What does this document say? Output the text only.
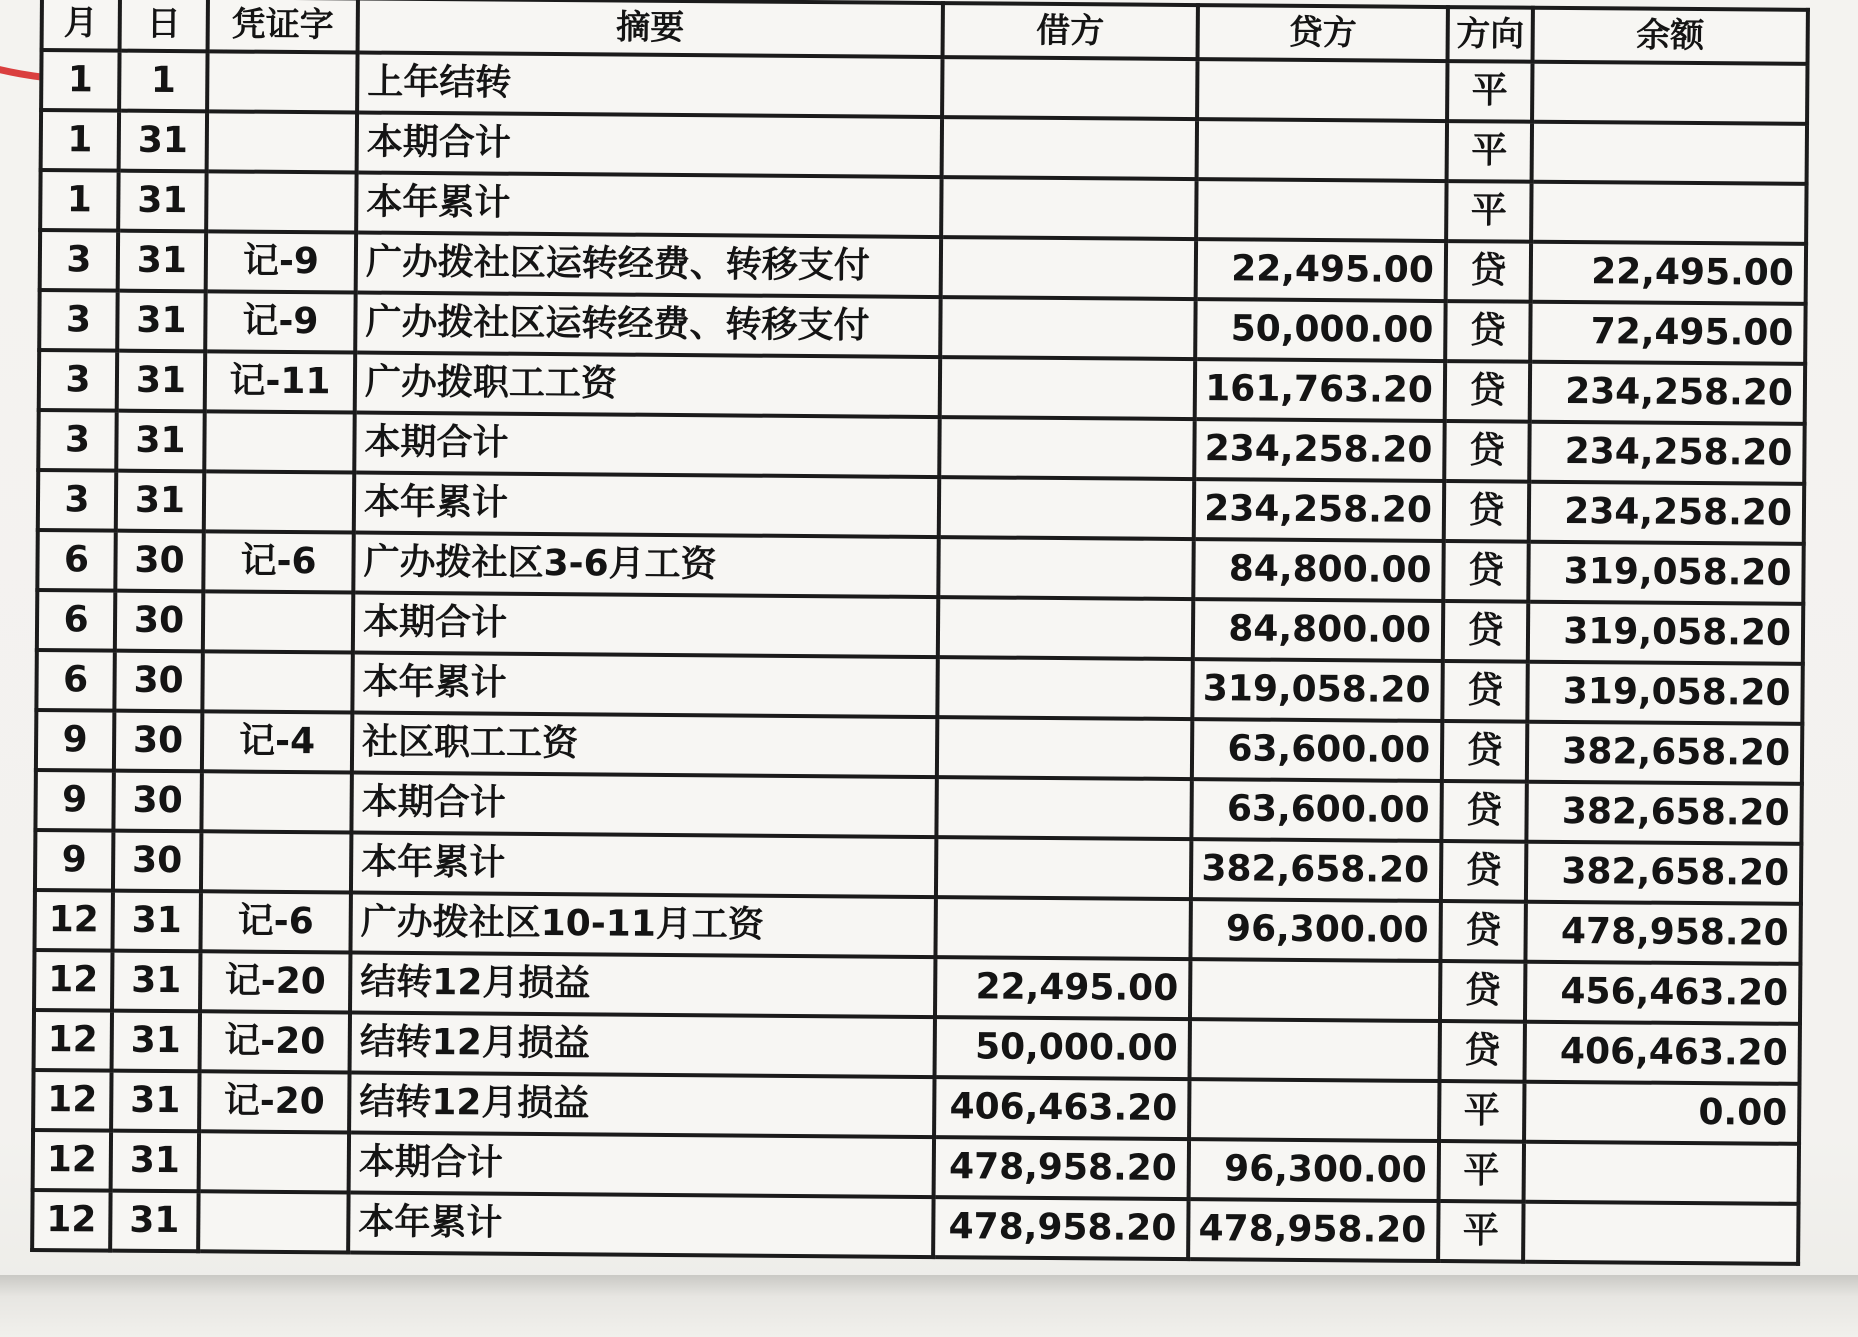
月	日	凭证字	摘要	借方	贷方	方向	余额
1	1		上年结转			平	
1	31		本期合计			平	
1	31		本年累计			平	
3	31	记-9	广办拨社区运转经费、转移支付		22,495.00	贷	22,495.00
3	31	记-9	广办拨社区运转经费、转移支付		50,000.00	贷	72,495.00
3	31	记-11	广办拨职工工资		161,763.20	贷	234,258.20
3	31		本期合计		234,258.20	贷	234,258.20
3	31		本年累计		234,258.20	贷	234,258.20
6	30	记-6	广办拨社区3-6月工资		84,800.00	贷	319,058.20
6	30		本期合计		84,800.00	贷	319,058.20
6	30		本年累计		319,058.20	贷	319,058.20
9	30	记-4	社区职工工资		63,600.00	贷	382,658.20
9	30		本期合计		63,600.00	贷	382,658.20
9	30		本年累计		382,658.20	贷	382,658.20
12	31	记-6	广办拨社区10-11月工资		96,300.00	贷	478,958.20
12	31	记-20	结转12月损益	22,495.00		贷	456,463.20
12	31	记-20	结转12月损益	50,000.00		贷	406,463.20
12	31	记-20	结转12月损益	406,463.20		平	0.00
12	31		本期合计	478,958.20	96,300.00	平	
12	31		本年累计	478,958.20	478,958.20	平	
